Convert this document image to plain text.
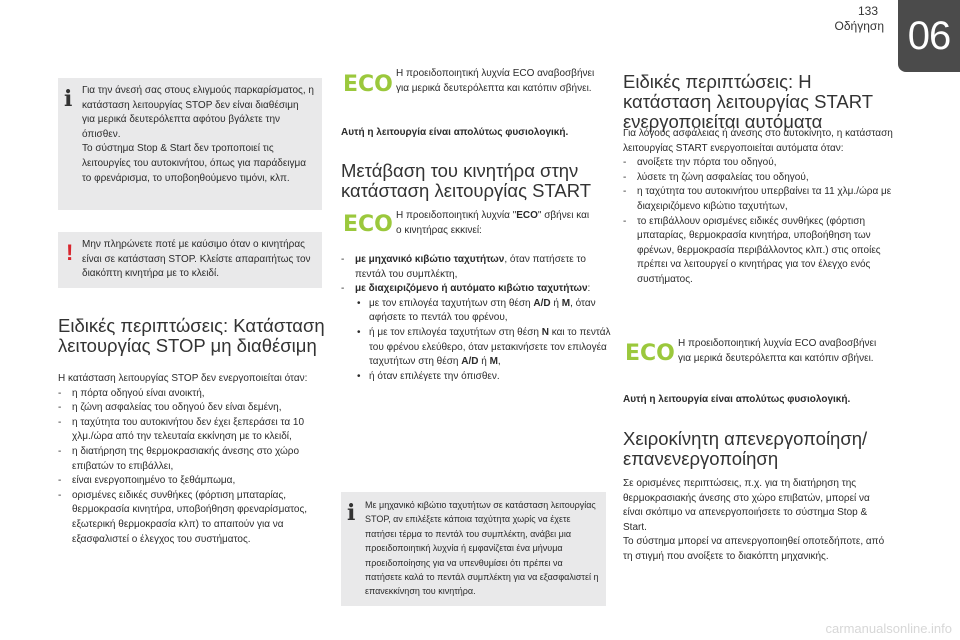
133
Οδήγηση 06
i Για την άνεσή σας στους ελιγμούς παρκαρίσματος, η κατάσταση λειτουργίας STOP δεν είναι διαθέσιμη για μερικά δευτερόλεπτα αφότου βγάλετε την όπισθεν.

Το σύστημα Stop & Start δεν τροποποιεί τις λειτουργίες του αυτοκινήτου, όπως για παράδειγμα το φρενάρισμα, το υποβοηθούμενο τιμόνι, κλπ.

! Μην πληρώνετε ποτέ με καύσιμο όταν ο κινητήρας είναι σε κατάσταση STOP. Κλείστε απαραιτήτως τον διακόπτη κινητήρα με το κλειδί.

Ειδικές περιπτώσεις: Κατάσταση λειτουργίας STOP μη διαθέσιμη
Η κατάσταση λειτουργίας STOP δεν ενεργοποιείται όταν:
- η πόρτα οδηγού είναι ανοικτή,
- η ζώνη ασφαλείας του οδηγού δεν είναι δεμένη,
- η ταχύτητα του αυτοκινήτου δεν έχει ξεπεράσει τα 10 χλμ./ώρα από την τελευταία εκκίνηση με το κλειδί,
- η διατήρηση της θερμοκρασιακής άνεσης στο χώρο επιβατών το επιβάλλει,
- είναι ενεργοποιημένο το ξεθάμπωμα,
- ορισμένες ειδικές συνθήκες (φόρτιση μπαταρίας, θερμοκρασία κινητήρα, υποβοήθηση φρεναρίσματος, εξωτερική θερμοκρασία κλπ) το απαιτούν για να εξασφαλιστεί ο έλεγχος του συστήματος.
ECO Η προειδοποιητική λυχνία ECO αναβοσβήνει για μερικά δευτερόλεπτα και κατόπιν σβήνει.
Αυτή η λειτουργία είναι απολύτως φυσιολογική.
Μετάβαση του κινητήρα στην κατάσταση λειτουργίας START
ECO Η προειδοποιητική λυχνία "ECO" σβήνει και ο κινητήρας εκκινεί:
- με μηχανικό κιβώτιο ταχυτήτων, όταν πατήσετε το πεντάλ του συμπλέκτη,
- με διαχειριζόμενο ή αυτόματο κιβώτιο ταχυτήτων:
• με τον επιλογέα ταχυτήτων στη θέση A/D ή M, όταν αφήσετε το πεντάλ του φρένου,
• ή με τον επιλογέα ταχυτήτων στη θέση N και το πεντάλ του φρένου ελεύθερο, όταν μετακινήσετε τον επιλογέα ταχυτήτων στη θέση A/D ή M,
• ή όταν επιλέγετε την όπισθεν.
i Με μηχανικό κιβώτιο ταχυτήτων σε κατάσταση λειτουργίας STOP, αν επιλέξετε κάποια ταχύτητα χωρίς να έχετε πατήσει τέρμα το πεντάλ του συμπλέκτη, ανάβει μια προειδοποιητική λυχνία ή εμφανίζεται ένα μήνυμα προειδοποίησης για να υπενθυμίσει ότι πρέπει να πατήσετε καλά το πεντάλ συμπλέκτη για να εξασφαλιστεί η επανεκκίνηση του κινητήρα.

Ειδικές περιπτώσεις: Η κατάσταση λειτουργίας START ενεργοποιείται αυτόματα
Για λόγους ασφάλειας ή άνεσης στο αυτοκίνητο, η κατάσταση λειτουργίας START ενεργοποιείται αυτόματα όταν:
- ανοίξετε την πόρτα του οδηγού,
- λύσετε τη ζώνη ασφαλείας του οδηγού,
- η ταχύτητα του αυτοκινήτου υπερβαίνει τα 11 χλμ./ώρα με διαχειριζόμενο κιβώτιο ταχυτήτων,
- το επιβάλλουν ορισμένες ειδικές συνθήκες (φόρτιση μπαταρίας, θερμοκρασία κινητήρα, υποβοήθηση των φρένων, θερμοκρασία περιβάλλοντος κλπ.) στις οποίες πρέπει να λειτουργεί ο κινητήρας για τον έλεγχο ενός συστήματος.
ECO Η προειδοποιητική λυχνία ECO αναβοσβήνει για μερικά δευτερόλεπτα και κατόπιν σβήνει.
Αυτή η λειτουργία είναι απολύτως φυσιολογική.
Χειροκίνητη απενεργοποίηση/ επανενεργοποίηση
Σε ορισμένες περιπτώσεις, π.χ. για τη διατήρηση της θερμοκρασιακής άνεσης στο χώρο επιβατών, μπορεί να είναι σκόπιμο να απενεργοποιήσετε το σύστημα Stop & Start.
Το σύστημα μπορεί να απενεργοποιηθεί οποτεδήποτε, από τη στιγμή που ανοίξετε το διακόπτη μηχανικής.
carmanualsonline.info
